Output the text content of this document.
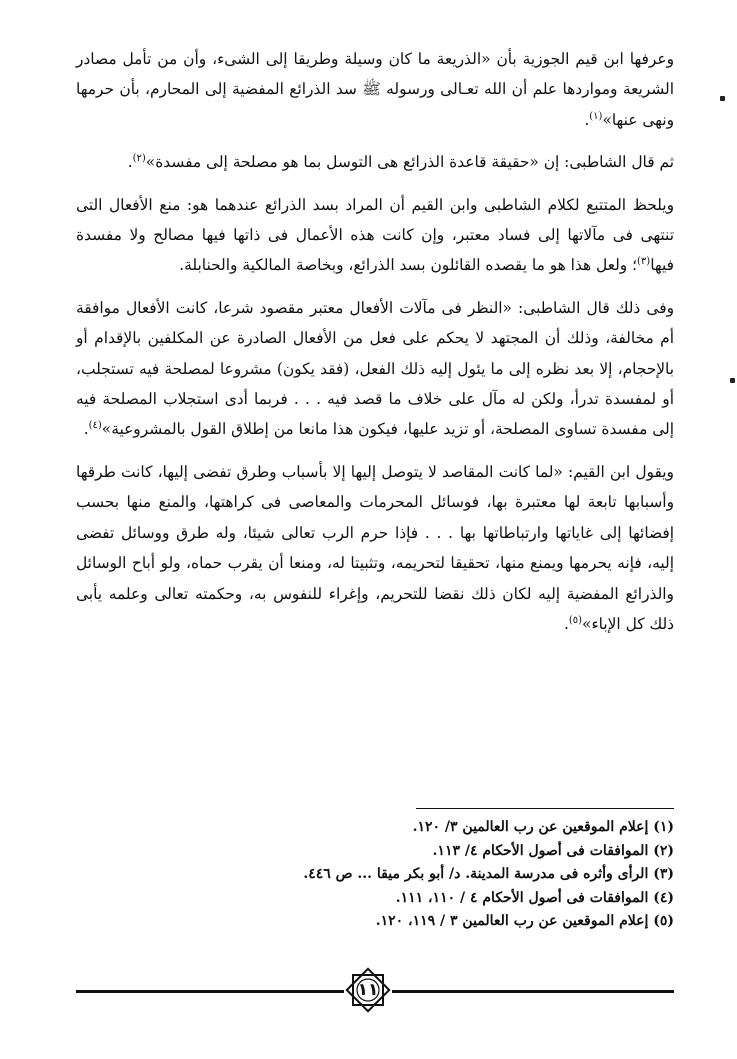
وعرفها ابن قيم الجوزية بأن «الذريعة ما كان وسيلة وطريقا إلى الشىء، وأن من تأمل مصادر الشريعة ومواردها علم أن الله تعـالى ورسوله ﷺ سد الذرائع المفضية إلى المحارم، بأن حرمها ونهى عنها»$^{(١)}$.

ثم قال الشاطبى: إن «حقيقة قاعدة الذرائع هى التوسل بما هو مصلحة إلى مفسدة»$^{(٢)}$.

ويلحظ المتتبع لكلام الشاطبى وابن القيم أن المراد بسد الذرائع عندهما هو: منع الأفعال التى تنتهى فى مآلاتها إلى فساد معتبر، وإن كانت هذه الأعمال فى ذاتها فيها مصالح ولا مفسدة فيها$^{(٣)}$؛ ولعل هذا هو ما يقصده القائلون بسد الذرائع، وبخاصة المالكية والحنابلة.

وفى ذلك قال الشاطبى: «النظر فى مآلات الأفعال معتبر مقصود شرعا، كانت الأفعال موافقة أم مخالفة، وذلك أن المجتهد لا يحكم على فعل من الأفعال الصادرة عن المكلفين بالإقدام أو بالإحجام، إلا بعد نظره إلى ما يئول إليه ذلك الفعل، (فقد يكون) مشروعا لمصلحة فيه تستجلب، أو لمفسدة تدرأ، ولكن له مآل على خلاف ما قصد فيه . . . فربما أدى استجلاب المصلحة فيه إلى مفسدة تساوى المصلحة، أو تزيد عليها، فيكون هذا مانعا من إطلاق القول بالمشروعية»$^{(٤)}$.

ويقول ابن القيم: «لما كانت المقاصد لا يتوصل إليها إلا بأسباب وطرق تفضى إليها، كانت طرقها وأسبابها تابعة لها معتبرة بها، فوسائل المحرمات والمعاصى فى كراهتها، والمنع منها بحسب إفضائها إلى غاياتها وارتباطاتها بها . . . فإذا حرم الرب تعالى شيئا، وله طرق ووسائل تفضى إليه، فإنه يحرمها ويمنع منها، تحقيقا لتحريمه، وتثبيتا له، ومنعا أن يقرب حماه، ولو أباح الوسائل والذرائع المفضية إليه لكان ذلك نقضا للتحريم، وإغراء للنفوس به، وحكمته تعالى وعلمه يأبى ذلك كل الإباء»$^{(٥)}$.

(١) إعلام الموقعين عن رب العالمين ٣/ ١٢٠.

(٢) الموافقات فى أصول الأحكام ٤/ ١١٣.

(٣) الرأى وأثره فى مدرسة المدينة. د/ أبو بكر ميقا ... ص ٤٤٦.

(٤) الموافقات فى أصول الأحكام ٤ / ١١٠، ١١١.

(٥) إعلام الموقعين عن رب العالمين ٣ / ١١٩، ١٢٠.

١١
